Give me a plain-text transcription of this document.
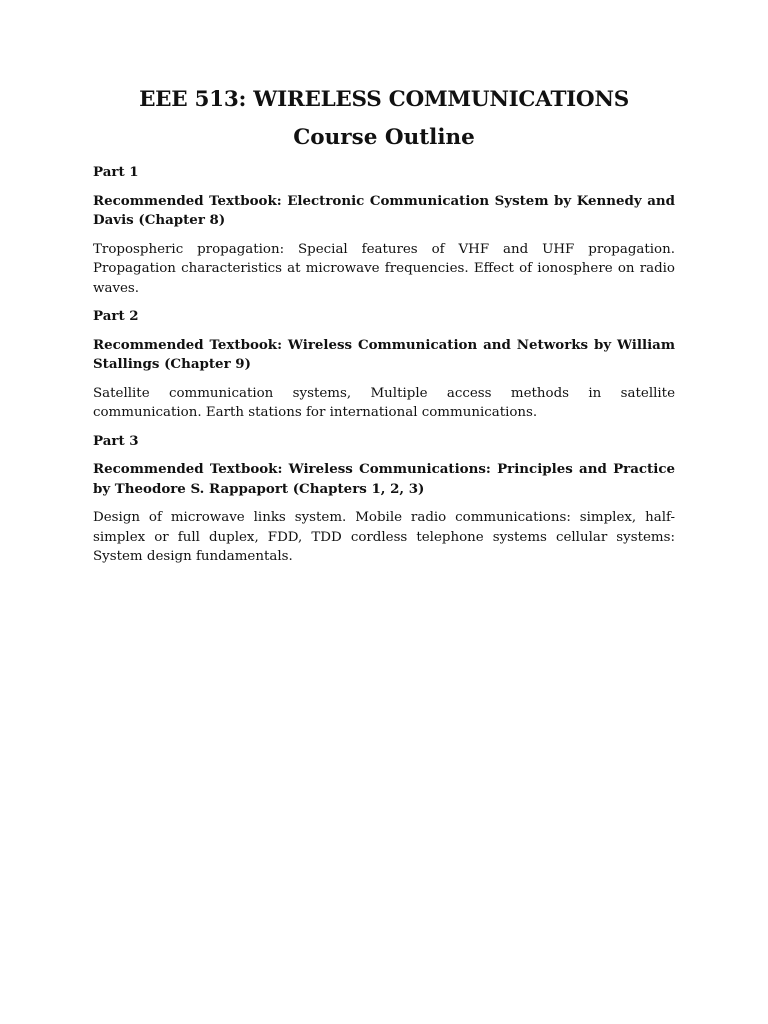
EEE 513: WIRELESS COMMUNICATIONS
Course Outline

Part 1

Recommended Textbook: Electronic Communication System by Kennedy and Davis (Chapter 8)

Tropospheric propagation: Special features of VHF and UHF propagation. Propagation characteristics at microwave frequencies. Effect of ionosphere on radio waves.

Part 2

Recommended Textbook: Wireless Communication and Networks by William Stallings (Chapter 9)

Satellite communication systems, Multiple access methods in satellite communication. Earth stations for international communications.

Part 3

Recommended Textbook: Wireless Communications: Principles and Practice by Theodore S. Rappaport (Chapters 1, 2, 3)

Design of microwave links system. Mobile radio communications: simplex, half-simplex or full duplex, FDD, TDD cordless telephone systems cellular systems: System design fundamentals.
